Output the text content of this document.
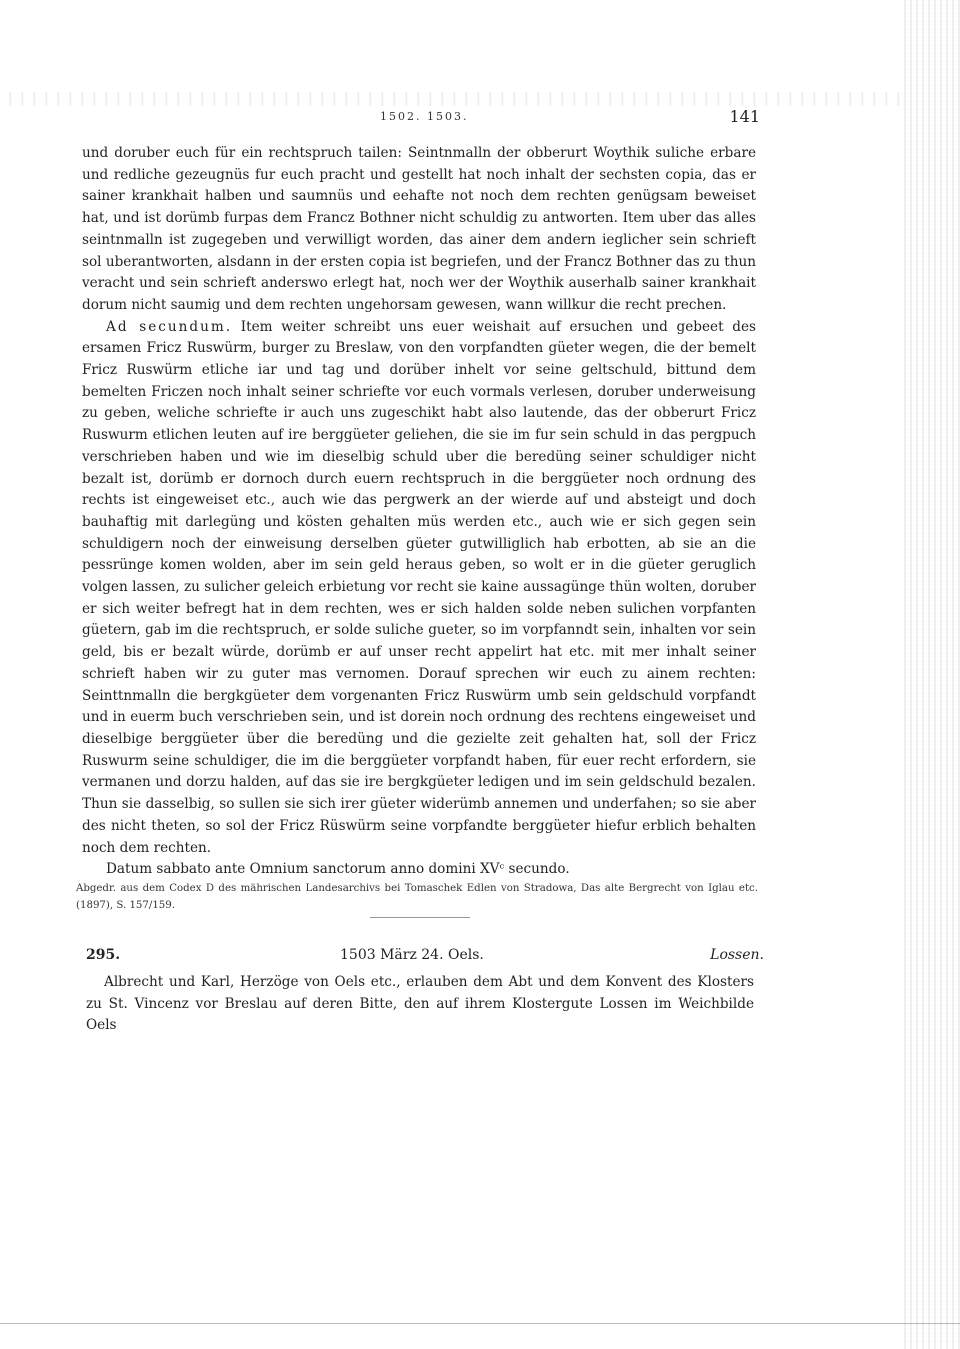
1502. 1503.	141

und doruber euch für ein rechtspruch tailen: Seintnmalln der obberurt Woythik suliche erbare und redliche gezeugnüs fur euch pracht und gestellt hat noch inhalt der sechsten copia, das er sainer krankhait halben und saumnüs und eehafte not noch dem rechten genügsam beweiset hat, und ist dorümb furpas dem Francz Bothner nicht schuldig zu antworten. Item uber das alles seintnmalln ist zugegeben und verwilligt worden, das ainer dem andern ieglicher sein schrieft sol uberantworten, alsdann in der ersten copia ist begriefen, und der Francz Bothner das zu thun veracht und sein schrieft anderswo erlegt hat, noch wer der Woythik auserhalb sainer krankhait dorum nicht saumig und dem rechten ungehorsam gewesen, wann willkur die recht prechen.

Ad secundum. Item weiter schreibt uns euer weishait auf ersuchen und gebeet des ersamen Fricz Ruswürm, burger zu Breslaw, von den vorpfandten güeter wegen, die der bemelt Fricz Ruswürm etliche iar und tag und dorüber inhelt vor seine geltschuld, bittund dem bemelten Friczen noch inhalt seiner schriefte vor euch vormals verlesen, doruber underweisung zu geben, weliche schriefte ir auch uns zugeschikt habt also lautende, das der obberurt Fricz Ruswurm etlichen leuten auf ire berggüeter geliehen, die sie im fur sein schuld in das pergpuch verschrieben haben und wie im dieselbig schuld uber die beredüng seiner schuldiger nicht bezalt ist, dorümb er dornoch durch euern rechtspruch in die berggüeter noch ordnung des rechts ist eingeweiset etc., auch wie das pergwerk an der wierde auf und absteigt und doch bauhaftig mit darlegüng und kösten gehalten müs werden etc., auch wie er sich gegen sein schuldigern noch der einweisung derselben güeter gutwilliglich hab erbotten, ab sie an die pessrünge komen wolden, aber im sein geld heraus geben, so wolt er in die güeter geruglich volgen lassen, zu sulicher geleich erbietung vor recht sie kaine aussagünge thün wolten, doruber er sich weiter befregt hat in dem rechten, wes er sich halden solde neben sulichen vorpfanten güetern, gab im die rechtspruch, er solde suliche gueter, so im vorpfanndt sein, inhalten vor sein geld, bis er bezalt würde, dorümb er auf unser recht appelirt hat etc. mit mer inhalt seiner schrieft haben wir zu guter mas vernomen. Dorauf sprechen wir euch zu ainem rechten: Seinttnmalln die bergkgüeter dem vorgenanten Fricz Ruswürm umb sein geldschuld vorpfandt und in euerm buch verschrieben sein, und ist dorein noch ordnung des rechtens eingeweiset und dieselbige berggüeter über die beredüng und die gezielte zeit gehalten hat, soll der Fricz Ruswurm seine schuldiger, die im die berggüeter vorpfandt haben, für euer recht erfordern, sie vermanen und dorzu halden, auf das sie ire bergkgüeter ledigen und im sein geldschuld bezalen. Thun sie dasselbig, so sullen sie sich irer güeter widerümb annemen und underfahen; so sie aber des nicht theten, so sol der Fricz Rüswürm seine vorpfandte berggüeter hiefur erblich behalten noch dem rechten.

Datum sabbato ante Omnium sanctorum anno domini XVᶜ secundo.

Abgedr. aus dem Codex D des mährischen Landesarchivs bei Tomaschek Edlen von Stradowa, Das alte Bergrecht von Iglau etc. (1897), S. 157/159.

295.	1503 März 24. Oels.	Lossen.

Albrecht und Karl, Herzöge von Oels etc., erlauben dem Abt und dem Konvent des Klosters zu St. Vincenz vor Breslau auf deren Bitte, den auf ihrem Klostergute Lossen im Weichbilde Oels
